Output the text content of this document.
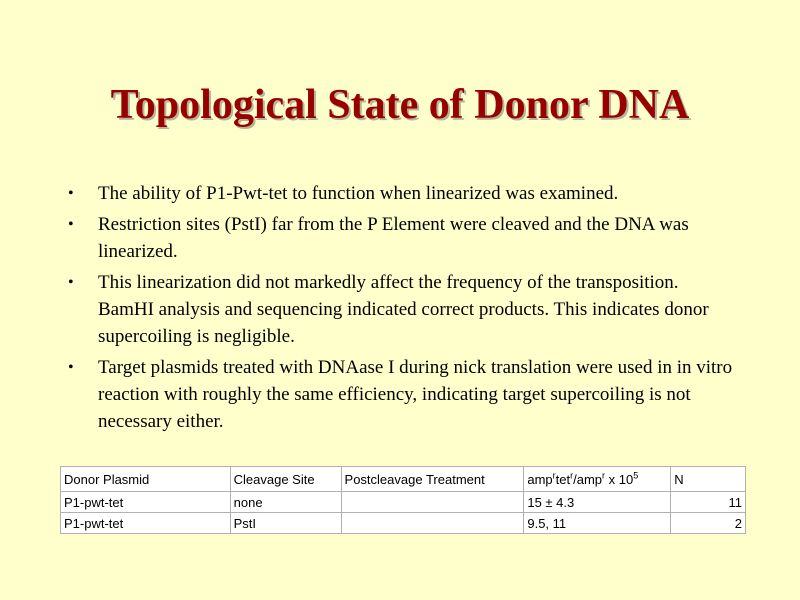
Topological State of Donor DNA
• The ability of P1-Pwt-tet to function when linearized was examined.
• Restriction sites (PstI) far from the P Element were cleaved and the DNA was linearized.
• This linearization did not markedly affect the frequency of the transposition. BamHI analysis and sequencing indicated correct products. This indicates donor supercoiling is negligible.
• Target plasmids treated with DNAase I during nick translation were used in in vitro reaction with roughly the same efficiency, indicating target supercoiling is not necessary either.
Donor Plasmid	Cleavage Site	Postcleavage Treatment	amp$^r$tet$^r$/amp$^r$ x $10^5$	N
P1-pwt-tet	none		15 ± 4.3	11
P1-pwt-tet	PstI		9.5, 11	2
